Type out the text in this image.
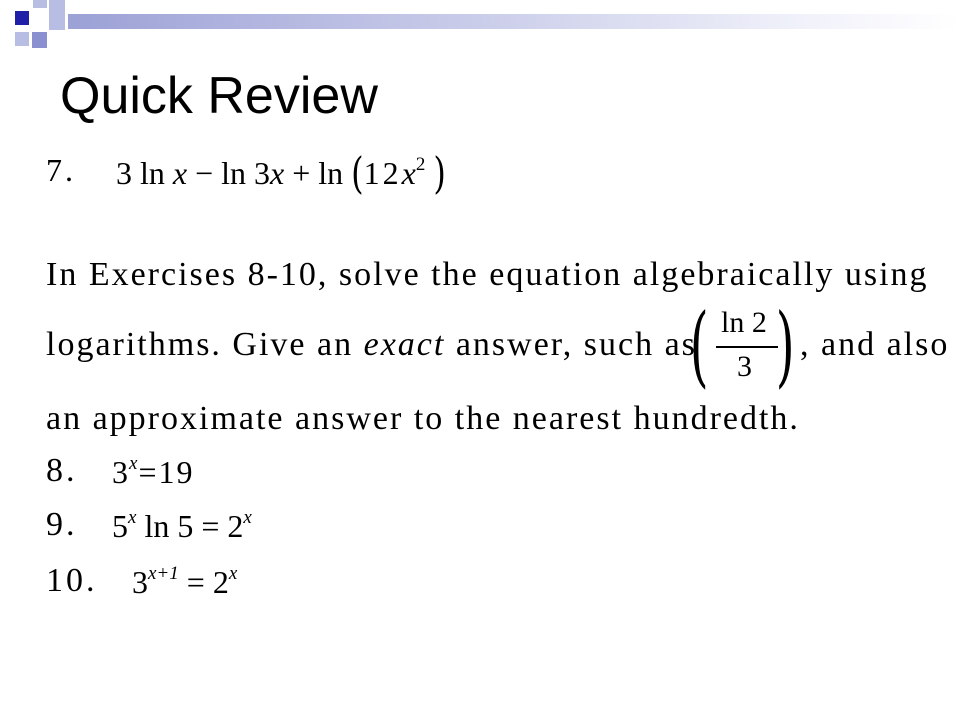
Quick Review
7. 3 $\ln x - \ln 3x + \ln (12x^2$ )
In Exercises 8-10, solve the equation algebraically using
logarithms. Give an exact answer, such as
( ln 2
3 ) , and also
an approximate answer to the nearest hundredth.
8. $3^x=19$
9. 5$^x$ $\ln 5 = 2^x$
10. $3^{x+1} = 2^x$
